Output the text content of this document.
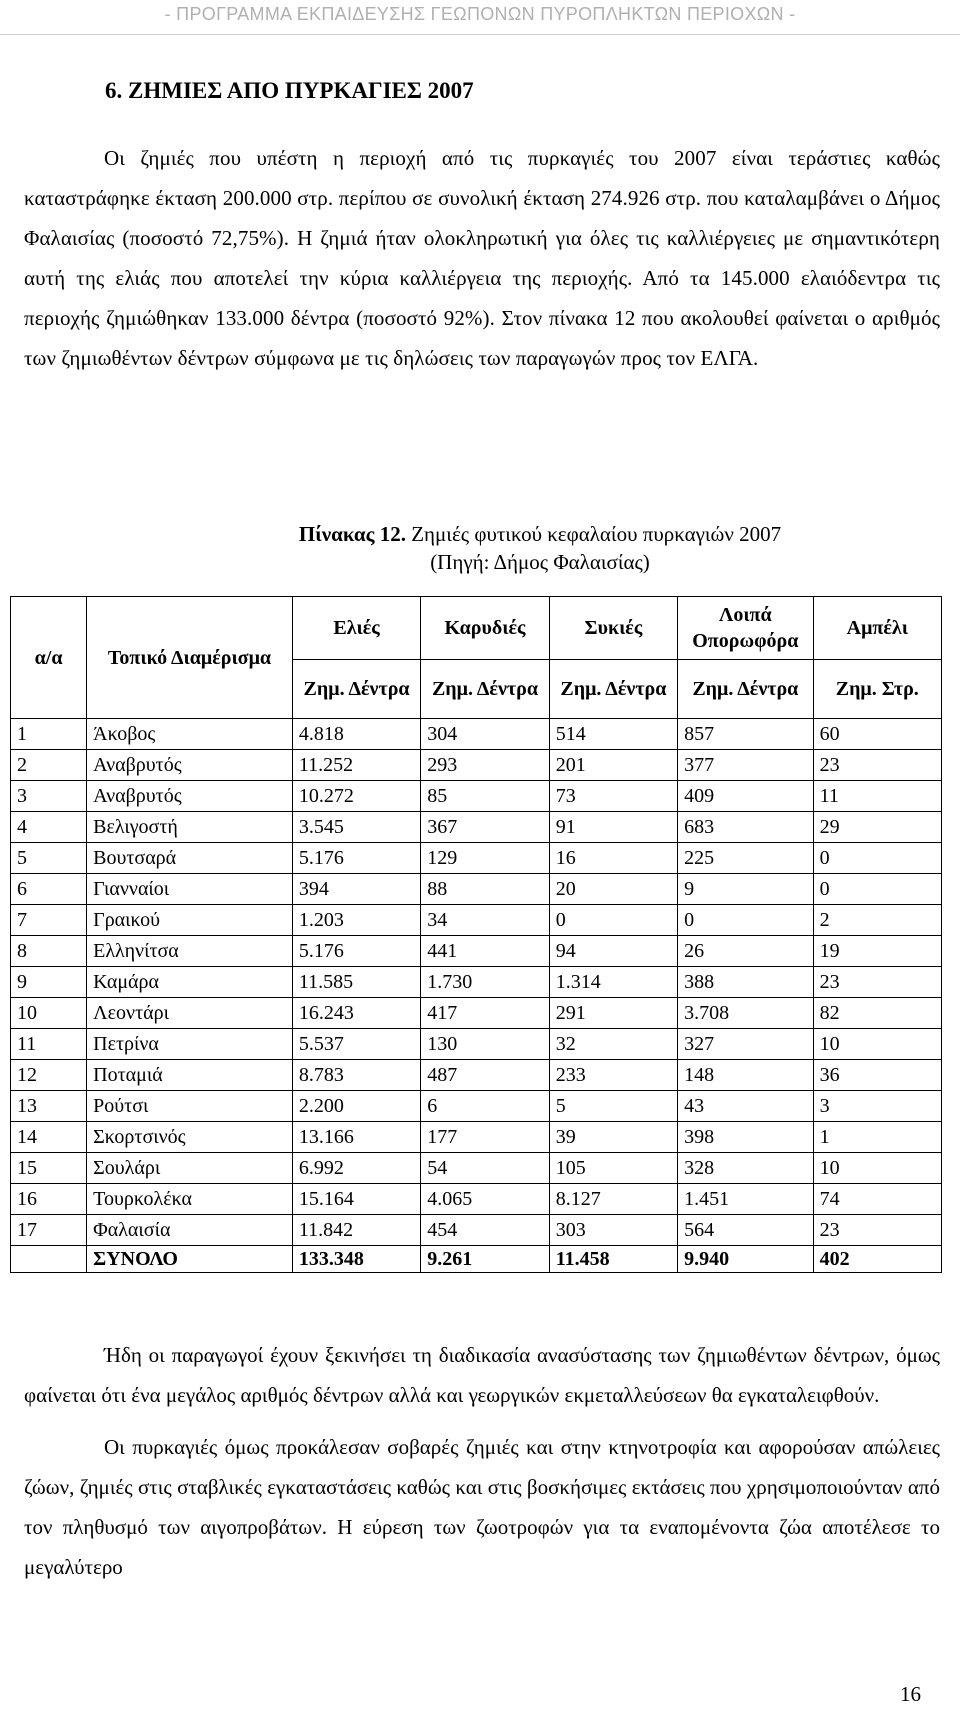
- ΠΡΟΓΡΑΜΜΑ ΕΚΠΑΙΔΕΥΣΗΣ ΓΕΩΠΟΝΩΝ ΠΥΡΟΠΛΗΚΤΩΝ ΠΕΡΙΟΧΩΝ -
6. ΖΗΜΙΕΣ ΑΠΟ ΠΥΡΚΑΓΙΕΣ 2007

Οι ζημιές που υπέστη η περιοχή από τις πυρκαγιές του 2007 είναι τεράστιες καθώς καταστράφηκε έκταση 200.000 στρ. περίπου σε συνολική έκταση 274.926 στρ. που καταλαμβάνει ο Δήμος Φαλαισίας (ποσοστό 72,75%). Η ζημιά ήταν ολοκληρωτική για όλες τις καλλιέργειες με σημαντικότερη αυτή της ελιάς που αποτελεί την κύρια καλλιέργεια της περιοχής. Από τα 145.000 ελαιόδεντρα τις περιοχής ζημιώθηκαν 133.000 δέντρα (ποσοστό 92%). Στον πίνακα 12 που ακολουθεί φαίνεται ο αριθμός των ζημιωθέντων δέντρων σύμφωνα με τις δηλώσεις των παραγωγών προς τον ΕΛΓΑ.

Πίνακας 12. Ζημιές φυτικού κεφαλαίου πυρκαγιών 2007
(Πηγή: Δήμος Φαλαισίας)
α/α	Τοπικό Διαμέρισμα	Ελιές	Καρυδιές	Συκιές	Λοιπά Οπορωφόρα	Αμπέλι
		Ζημ. Δέντρα	Ζημ. Δέντρα	Ζημ. Δέντρα	Ζημ. Δέντρα	Ζημ. Στρ.
1	Άκοβος	4.818	304	514	857	60
2	Αναβρυτός	11.252	293	201	377	23
3	Αναβρυτός	10.272	85	73	409	11
4	Βελιγοστή	3.545	367	91	683	29
5	Βουτσαρά	5.176	129	16	225	0
6	Γιανναίοι	394	88	20	9	0
7	Γραικού	1.203	34	0	0	2
8	Ελληνίτσα	5.176	441	94	26	19
9	Καμάρα	11.585	1.730	1.314	388	23
10	Λεοντάρι	16.243	417	291	3.708	82
11	Πετρίνα	5.537	130	32	327	10
12	Ποταμιά	8.783	487	233	148	36
13	Ρούτσι	2.200	6	5	43	3
14	Σκορτσινός	13.166	177	39	398	1
15	Σουλάρι	6.992	54	105	328	10
16	Τουρκολέκα	15.164	4.065	8.127	1.451	74
17	Φαλαισία	11.842	454	303	564	23
	ΣΥΝΟΛΟ	133.348	9.261	11.458	9.940	402

Ήδη οι παραγωγοί έχουν ξεκινήσει τη διαδικασία ανασύστασης των ζημιωθέντων δέντρων, όμως φαίνεται ότι ένα μεγάλος αριθμός δέντρων αλλά και γεωργικών εκμεταλλεύσεων θα εγκαταλειφθούν.

Οι πυρκαγιές όμως προκάλεσαν σοβαρές ζημιές και στην κτηνοτροφία και αφορούσαν απώλειες ζώων, ζημιές στις σταβλικές εγκαταστάσεις καθώς και στις βοσκήσιμες εκτάσεις που χρησιμοποιούνταν από τον πληθυσμό των αιγοπροβάτων. Η εύρεση των ζωοτροφών για τα εναπομένοντα ζώα αποτέλεσε το μεγαλύτερο

16
